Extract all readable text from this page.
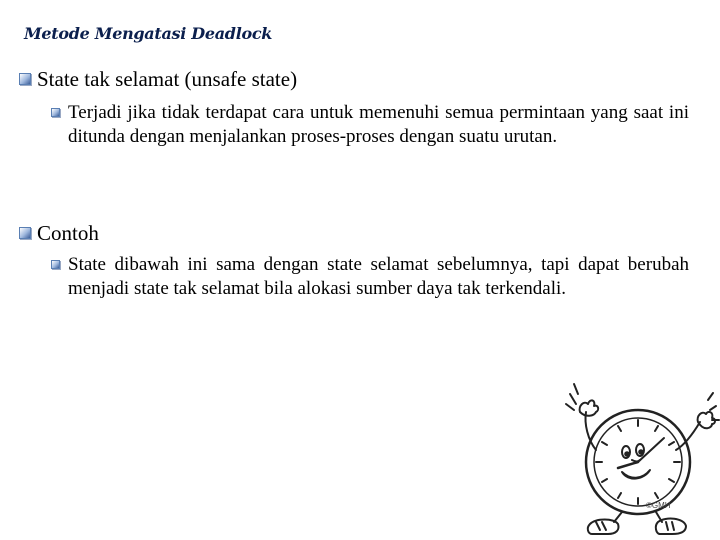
Metode Mengatasi Deadlock
State tak selamat (unsafe state)
Terjadi jika tidak terdapat cara untuk memenuhi semua permintaan yang saat ini ditunda dengan menjalankan proses-proses dengan suatu urutan.
Contoh
State dibawah ini sama dengan state selamat sebelumnya, tapi dapat berubah menjadi state tak selamat bila alokasi sumber daya tak terkendali.
©GMH
